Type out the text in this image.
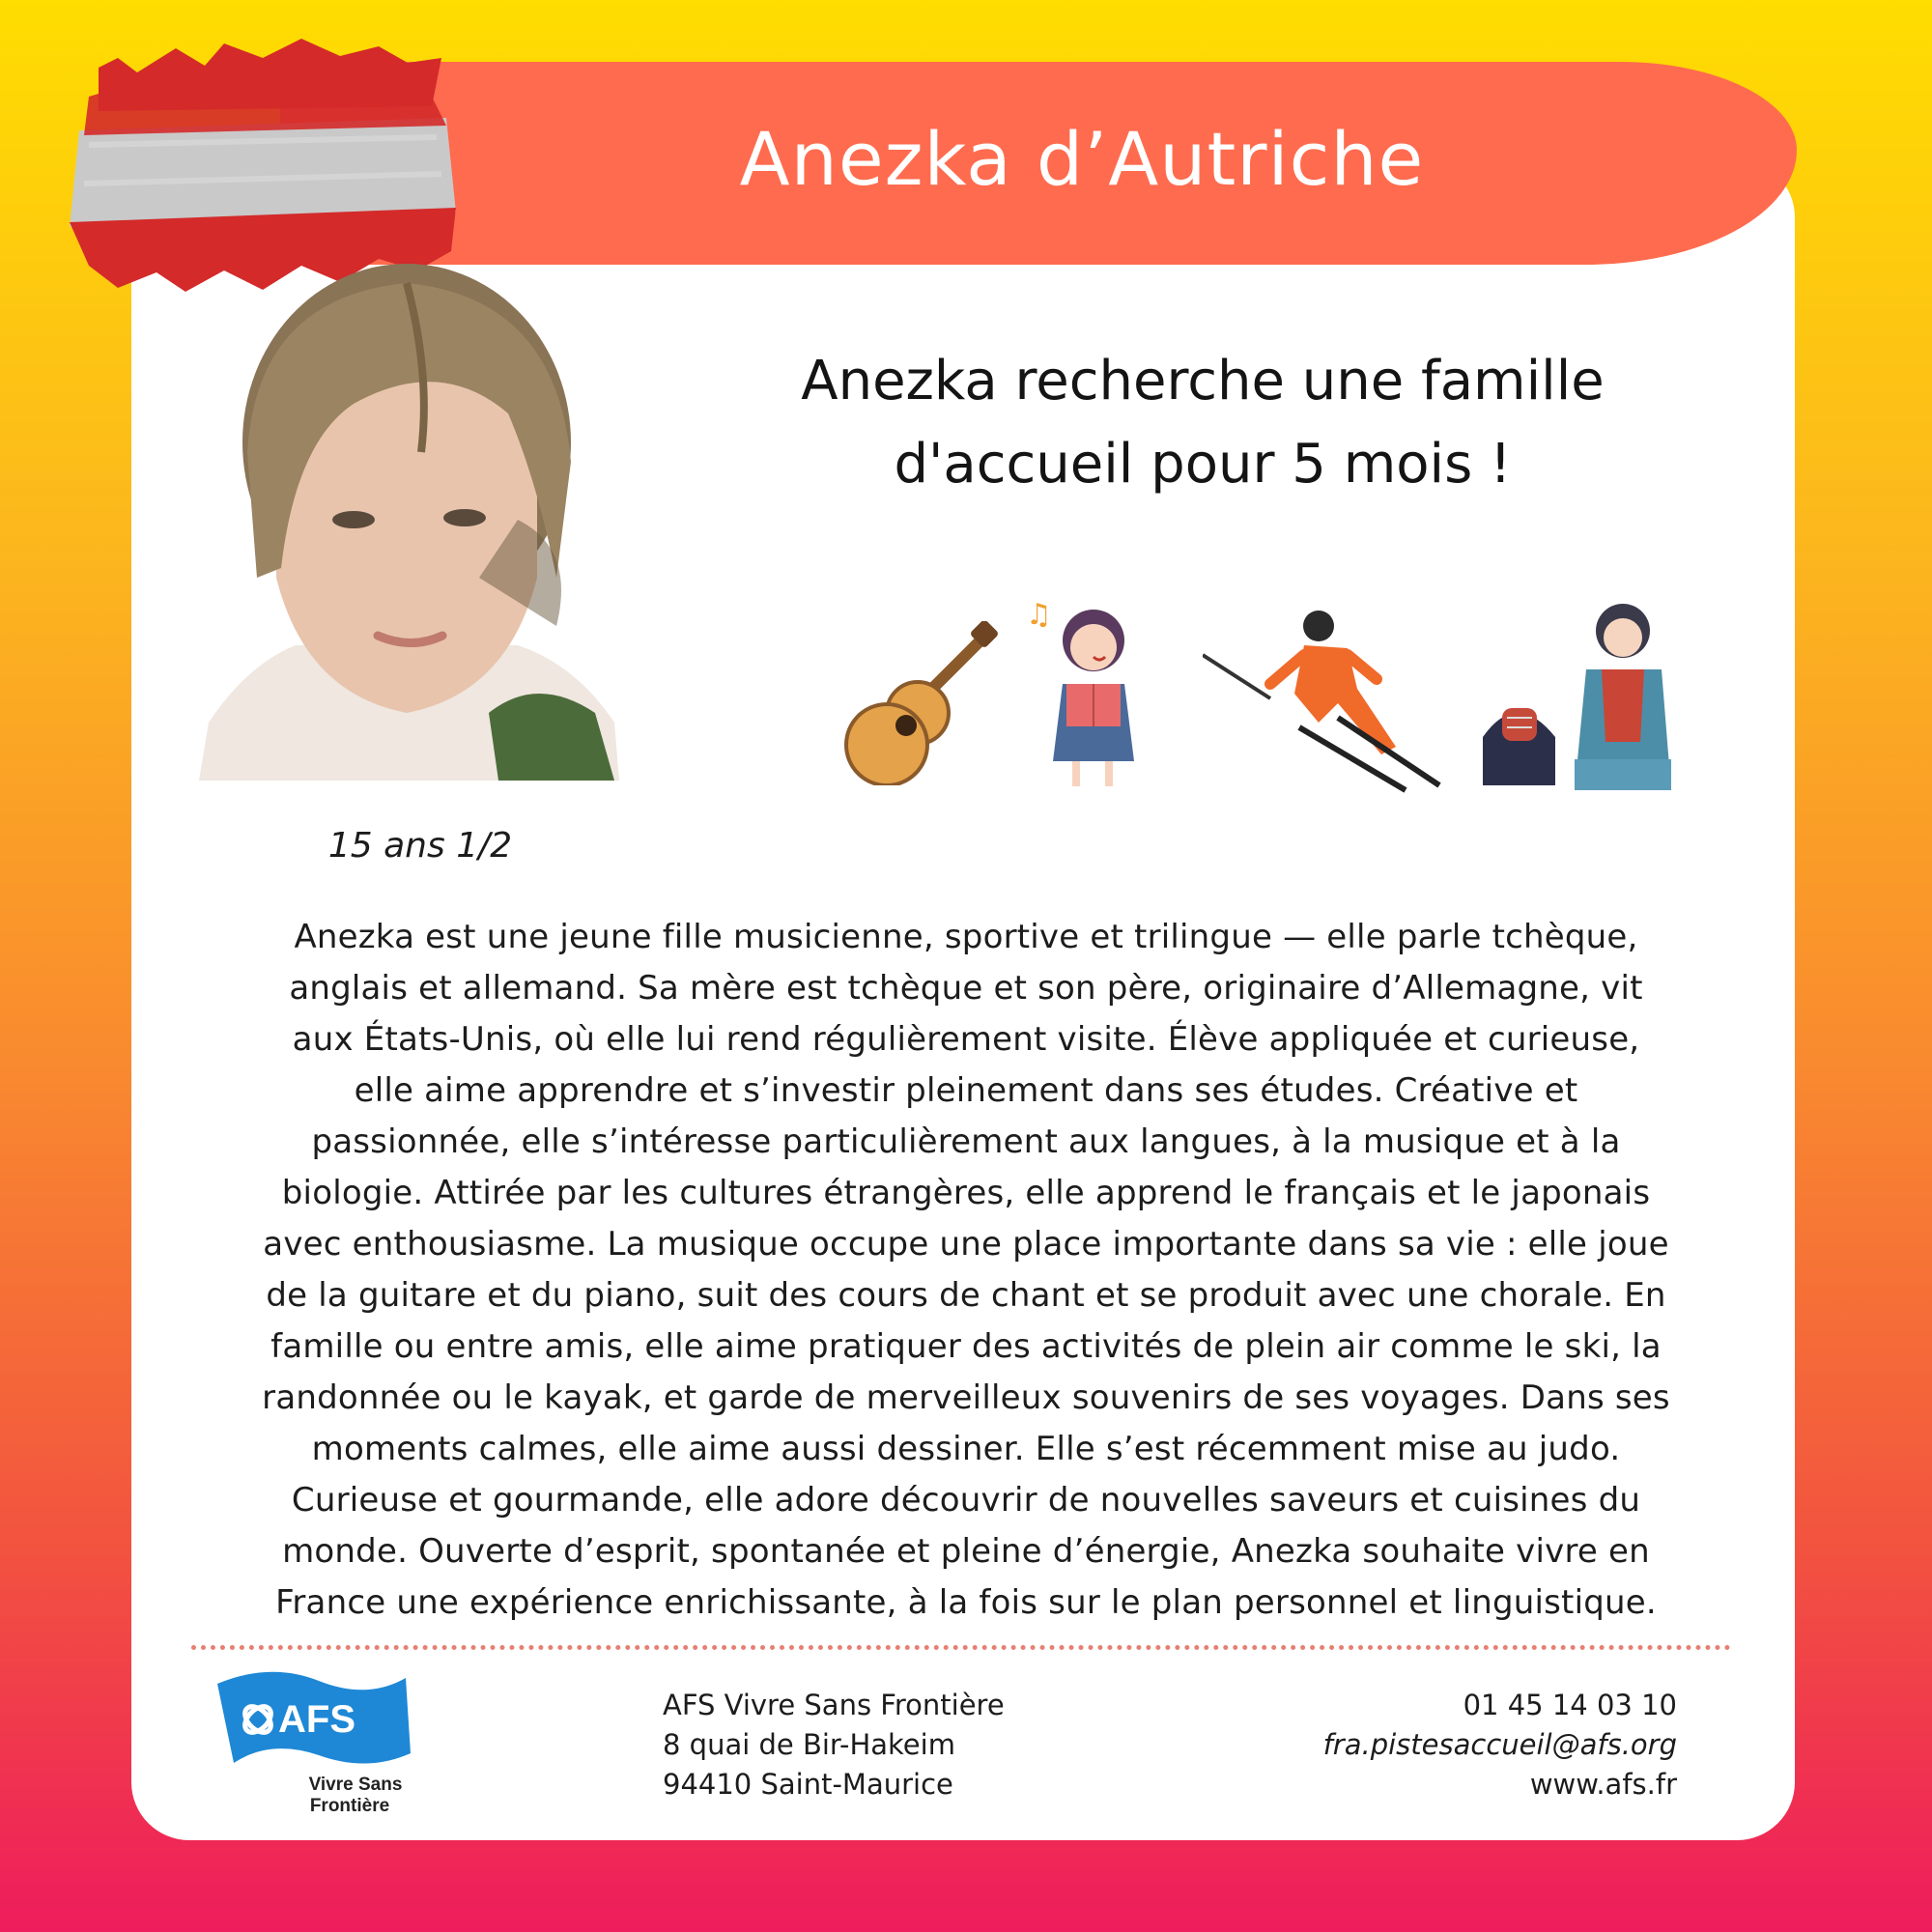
Anezka d’Autriche
15 ans 1/2
Anezka recherche une famille
d'accueil pour 5 mois !
♫
Anezka est une jeune fille musicienne, sportive et trilingue — elle parle tchèque,
anglais et allemand. Sa mère est tchèque et son père, originaire d’Allemagne, vit
aux États-Unis, où elle lui rend régulièrement visite. Élève appliquée et curieuse,
elle aime apprendre et s’investir pleinement dans ses études. Créative et
passionnée, elle s’intéresse particulièrement aux langues, à la musique et à la
biologie. Attirée par les cultures étrangères, elle apprend le français et le japonais
avec enthousiasme. La musique occupe une place importante dans sa vie : elle joue
de la guitare et du piano, suit des cours de chant et se produit avec une chorale. En
famille ou entre amis, elle aime pratiquer des activités de plein air comme le ski, la
randonnée ou le kayak, et garde de merveilleux souvenirs de ses voyages. Dans ses
moments calmes, elle aime aussi dessiner. Elle s’est récemment mise au judo.
Curieuse et gourmande, elle adore découvrir de nouvelles saveurs et cuisines du
monde. Ouverte d’esprit, spontanée et pleine d’énergie, Anezka souhaite vivre en
France une expérience enrichissante, à la fois sur le plan personnel et linguistique.
AFS
Vivre Sans
Frontière
AFS Vivre Sans Frontière
8 quai de Bir-Hakeim
94410 Saint-Maurice
01 45 14 03 10
fra.pistesaccueil@afs.org
www.afs.fr
